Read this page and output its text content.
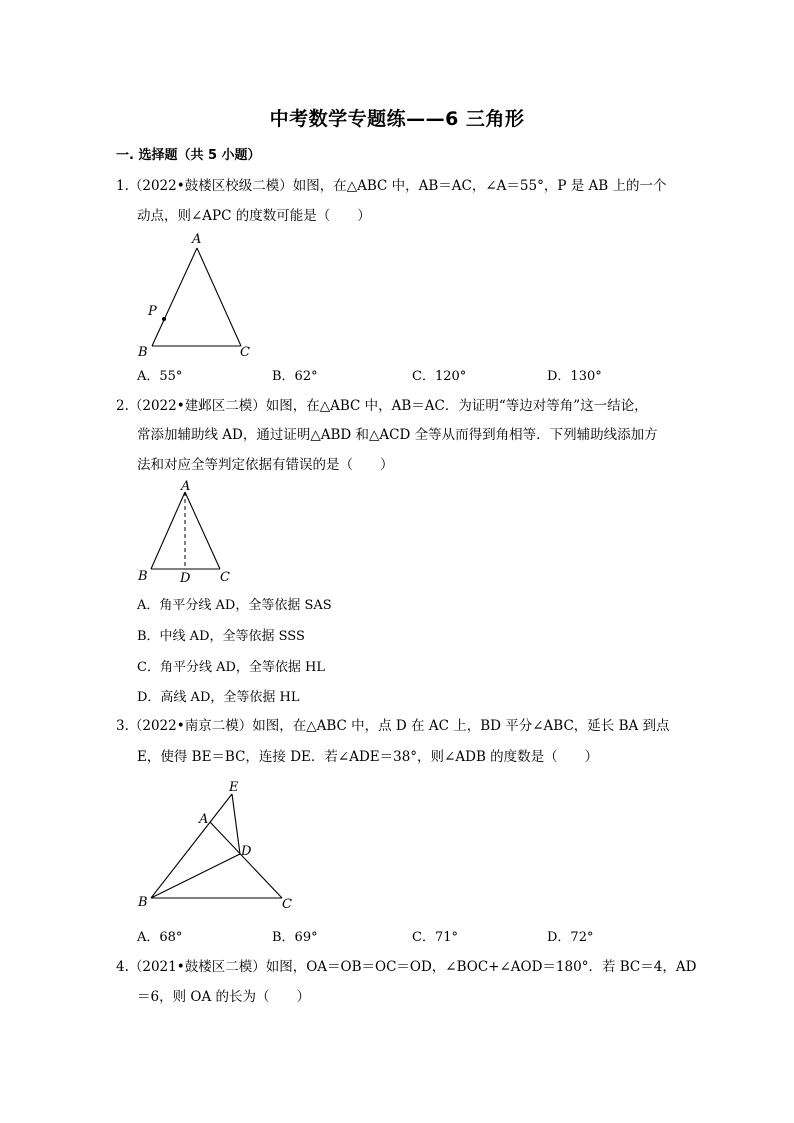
中考数学专题练——6 三角形
一. 选择题（共 5 小题）
1.（2022•鼓楼区校级二模）如图，在△ABC 中，AB＝AC，∠A＝55°，P 是 AB 上的一个
动点，则∠APC 的度数可能是（　　）
A
B	C
P
A．55°	B．62°	C．120°	D．130°
2.（2022•建邺区二模）如图，在△ABC 中，AB＝AC．为证明“等边对等角”这一结论，
常添加辅助线 AD，通过证明△ABD 和△ACD 全等从而得到角相等．下列辅助线添加方
法和对应全等判定依据有错误的是（　　）
A
B	C
D
A．角平分线 AD，全等依据 SAS
B．中线 AD，全等依据 SSS
C．角平分线 AD，全等依据 HL
D．高线 AD，全等依据 HL
3.（2022•南京二模）如图，在△ABC 中，点 D 在 AC 上，BD 平分∠ABC，延长 BA 到点
E，使得 BE＝BC，连接 DE．若∠ADE＝38°，则∠ADB 的度数是（　　）
E
A
D
B	C
A．68°	B．69°	C．71°	D．72°
4.（2021•鼓楼区二模）如图，OA＝OB＝OC＝OD，∠BOC+∠AOD＝180°．若 BC＝4，AD
＝6，则 OA 的长为（　　）
